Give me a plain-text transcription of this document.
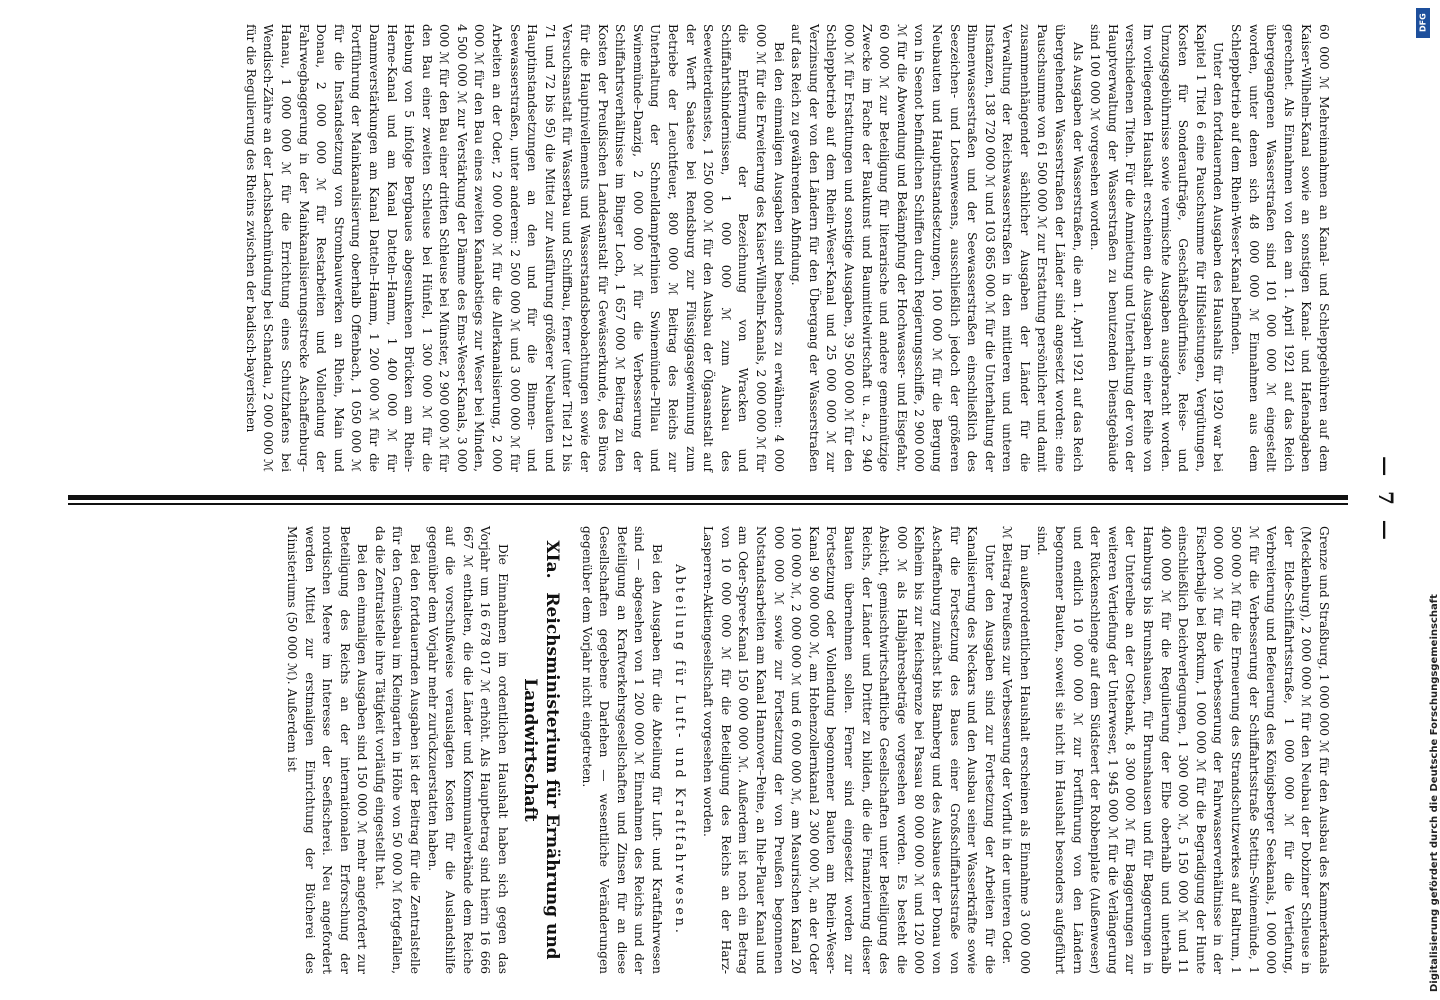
— 7 —

60 000 ℳ Mehreinnahmen an Kanal- und Schleppgebühren auf dem Kaiser-Wilhelm-Kanal sowie an sonstigen Kanal- und Hafenabgaben gerechnet. Als Einnahmen von den am 1. April 1921 auf das Reich übergegangenen Wasserstraßen sind 101 000 000 ℳ eingestellt worden, unter denen sich 48 000 000 ℳ Einnahmen aus dem Schleppbetrieb auf dem Rhein-Weser-Kanal befinden.

Unter den fortdauernden Ausgaben des Haushalts für 1920 war bei Kapitel 1 Titel 6 eine Pauschsumme für Hilfsleistungen, Vergütungen, Kosten für Sonderaufträge, Geschäftsbedürfnisse, Reise- und Umzugsgebührnisse sowie vermischte Ausgaben ausgebracht worden. Im vorliegenden Haushalt erscheinen die Ausgaben in einer Reihe von verschiedenen Titeln. Für die Anmietung und Unterhaltung der von der Hauptverwaltung der Wasserstraßen zu benutzenden Dienstgebäude sind 100 000 ℳ vorgesehen worden.

Als Ausgaben der Wasserstraßen, die am 1. April 1921 auf das Reich übergehenden Wasserstraßen der Länder sind angesetzt worden: eine Pauschsumme von 61 500 000 ℳ zur Erstattung persönlicher und damit zusammenhängender sächlicher Ausgaben der Länder für die Verwaltung der Reichswasserstraßen in den mittleren und unteren Instanzen, 138 720 000 ℳ und 103 865 000 ℳ für die Unterhaltung der Binnenwasserstraßen und der Seewasserstraßen einschließlich des Seezeichen- und Lotsenwesens, ausschließlich jedoch der größeren Neubauten und Hauptinstandsetzungen, 100 000 ℳ für die Bergung von in Seenot befindlichen Schiffen durch Regierungsschiffe, 2 900 000 ℳ für die Abwendung und Bekämpfung der Hochwasser- und Eisgefahr, 60 000 ℳ zur Beteiligung für literarische und andere gemeinnützige Zwecke im Fache der Baukunst und Baumittelwirtschaft u. a., 2 940 000 ℳ für Erstattungen und sonstige Ausgaben, 39 500 000 ℳ für den Schleppbetrieb auf dem Rhein-Weser-Kanal und 25 000 000 ℳ zur Verzinsung der von den Ländern für den Übergang der Wasserstraßen auf das Reich zu gewährenden Abfindung.

Bei den einmaligen Ausgaben sind besonders zu erwähnen: 4 000 000 ℳ für die Erweiterung des Kaiser-Wilhelm-Kanals, 2 000 000 ℳ für die Entfernung der Bezeichnung von Wracken und Schiffahrtshindernissen, 1 000 000 ℳ zum Ausbau des Seewetterdienstes, 1 250 000 ℳ für den Ausbau der Ölgasanstalt auf der Werft Saatsee bei Rendsburg zur Flüssiggasgewinnung zum Betriebe der Leuchtfeuer, 800 000 ℳ Beitrag des Reichs zur Unterhaltung der Schnelldampferlinien Swinemünde–Pillau und Swinemünde–Danzig, 2 000 000 ℳ für die Verbesserung der Schiffahrtsverhältnisse im Binger Loch, 1 657 000 ℳ Beitrag zu den Kosten der Preußischen Landesanstalt für Gewässerkunde, des Büros für die Hauptnivellements und Wasserstandsbeobachtungen sowie der Versuchsanstalt für Wasserbau und Schiffbau, ferner (unter Titel 21 bis 71 und 72 bis 95) die Mittel zur Ausführung größerer Neubauten und Hauptinstandsetzungen an den und für die Binnen- und Seewasserstraßen, unter anderem: 2 500 000 ℳ und 3 000 000 ℳ für Arbeiten an der Oder, 2 000 000 ℳ für die Allerkanalisierung, 2 000 000 ℳ für den Bau eines zweiten Kanalabstiegs zur Weser bei Minden, 4 500 000 ℳ zur Verstärkung der Dämme des Ems-Weser-Kanals, 3 000 000 ℳ für den Bau einer dritten Schleuse bei Münster, 2 900 000 ℳ für den Bau einer zweiten Schleuse bei Hünfel, 1 300 000 ℳ für die Hebung von 5 infolge Bergbaues abgesunkenen Brücken am Rhein-Herne-Kanal und am Kanal Datteln–Hamm, 1 400 000 ℳ für Dammverstärkungen am Kanal Datteln–Hamm, 1 200 000 ℳ für die Fortführung der Mainkanalisierung oberhalb Offenbach, 1 050 000 ℳ für die Instandsetzung von Strombauwerken an Rhein, Main und Donau, 2 000 000 ℳ für Restarbeiten und Vollendung der Fahrwegbaggerung in der Mainkanalisierungsstrecke Aschaffenburg–Hanau, 1 000 000 ℳ für die Errichtung eines Schutzhafens bei Wendisch-Zähre an der Lachsbachmündung bei Schandau, 2 000 000 ℳ für die Regulierung des Rheins zwischen der badisch-bayerischen

Grenze und Straßburg, 1 000 000 ℳ für den Ausbau des Kammerkanals (Mecklenburg), 2 000 000 ℳ für den Neubau der Dobziner Schleuse in der Elde-Schiffahrtsstraße, 1 000 000 ℳ für die Vertiefung, Verbreiterung und Befeuerung des Königsberger Seekanals, 1 000 000 ℳ für die Verbesserung der Schiffahrtsstraße Stettin–Swinemünde, 1 500 000 ℳ für die Erneuerung des Strandschutzwerkes auf Baltrum, 1 000 000 ℳ für die Verbesserung der Fahrwasserverhältnisse in der Fischerbalje bei Borkum, 1 000 000 ℳ für die Begradigung der Hunte einschließlich Deichverlegungen, 1 300 000 ℳ, 5 150 000 ℳ und 11 400 000 ℳ für die Regulierung der Elbe oberhalb und unterhalb Hamburgs bis Brunshausen, für Brunshausen und für Baggerungen in der Unterelbe an der Ostebank, 8 300 000 ℳ für Baggerungen zur weiteren Vertiefung der Unterweser, 1 945 000 ℳ für die Verlängerung der Rückenschlenge auf dem Südsteert der Robbenplate (Außenweser) und endlich 10 000 000 ℳ zur Fortführung von den Ländern begonnener Bauten, soweit sie nicht im Haushalt besonders aufgeführt sind.

Im außerordentlichen Haushalt erscheinen als Einnahme 3 000 000 ℳ Beitrag Preußens zur Verbesserung der Vorflut in der unteren Oder.

Unter den Ausgaben sind zur Fortsetzung der Arbeiten für die Kanalisierung des Neckars und den Ausbau seiner Wasserkräfte sowie für die Fortsetzung des Baues einer Großschiffahrtsstraße von Aschaffenburg zunächst bis Bamberg und des Ausbaues der Donau von Kelheim bis zur Reichsgrenze bei Passau 80 000 000 ℳ und 120 000 000 ℳ als Halbjahresbeträge vorgesehen worden. Es besteht die Absicht, gemischtwirtschaftliche Gesellschaften unter Beteiligung des Reichs, der Länder und Dritter zu bilden, die die Finanzierung dieser Bauten übernehmen sollen. Ferner sind eingesetzt worden zur Fortsetzung oder Vollendung begonnener Bauten am Rhein-Weser-Kanal 90 000 000 ℳ, am Hohenzollernkanal 2 300 000 ℳ, an der Oder 100 000 ℳ, 2 000 000 ℳ und 6 000 000 ℳ, am Masurischen Kanal 20 000 000 ℳ sowie zur Fortsetzung der von Preußen begonnenen Notstandsarbeiten am Kanal Hannover–Peine, an Ihle-Plauer Kanal und am Oder-Spree-Kanal 150 000 000 ℳ. Außerdem ist noch ein Betrag von 10 000 000 ℳ für die Beteiligung des Reichs an der Harz-Lasperren-Aktiengesellschaft vorgesehen worden.

Abteilung für Luft- und Kraftfahrwesen.

Bei den Ausgaben für die Abteilung für Luft- und Kraftfahrwesen sind — abgesehen von 1 200 000 ℳ Einnahmen des Reichs und der Beteiligung an Kraftverkehrsgesellschaften und Zinsen für an diese Gesellschaften gegebene Darlehen — wesentliche Veränderungen gegenüber dem Vorjahr nicht eingetreten.

XIa. Reichsministerium für Ernährung und Landwirtschaft

Die Einnahmen im ordentlichen Haushalt haben sich gegen das Vorjahr um 16 678 017 ℳ erhöht. Als Hauptbetrag sind hierin 16 666 667 ℳ enthalten, die die Länder und Kommunalverbände dem Reiche auf die vorschußweise verauslagten Kosten für die Auslandshilfe gegenüber dem Vorjahr mehr zurückzuerstatten haben.

Bei den fortdauernden Ausgaben ist der Beitrag für die Zentralstelle für den Gemüsebau im Kleingarten in Höhe von 50 000 ℳ fortgefallen, da die Zentralstelle ihre Tätigkeit vorläufig eingestellt hat.

Bei den einmaligen Ausgaben sind 150 000 ℳ mehr angefordert zur Beteiligung des Reichs an der internationalen Erforschung der nordischen Meere im Interesse der Seefischerei. Neu angefordert werden Mittel zur erstmaligen Einrichtung der Bücherei des Ministeriums (50 000 ℳ). Außerdem ist

DFG
Digitalisierung gefördert durch die Deutsche Forschungsgemeinschaft
